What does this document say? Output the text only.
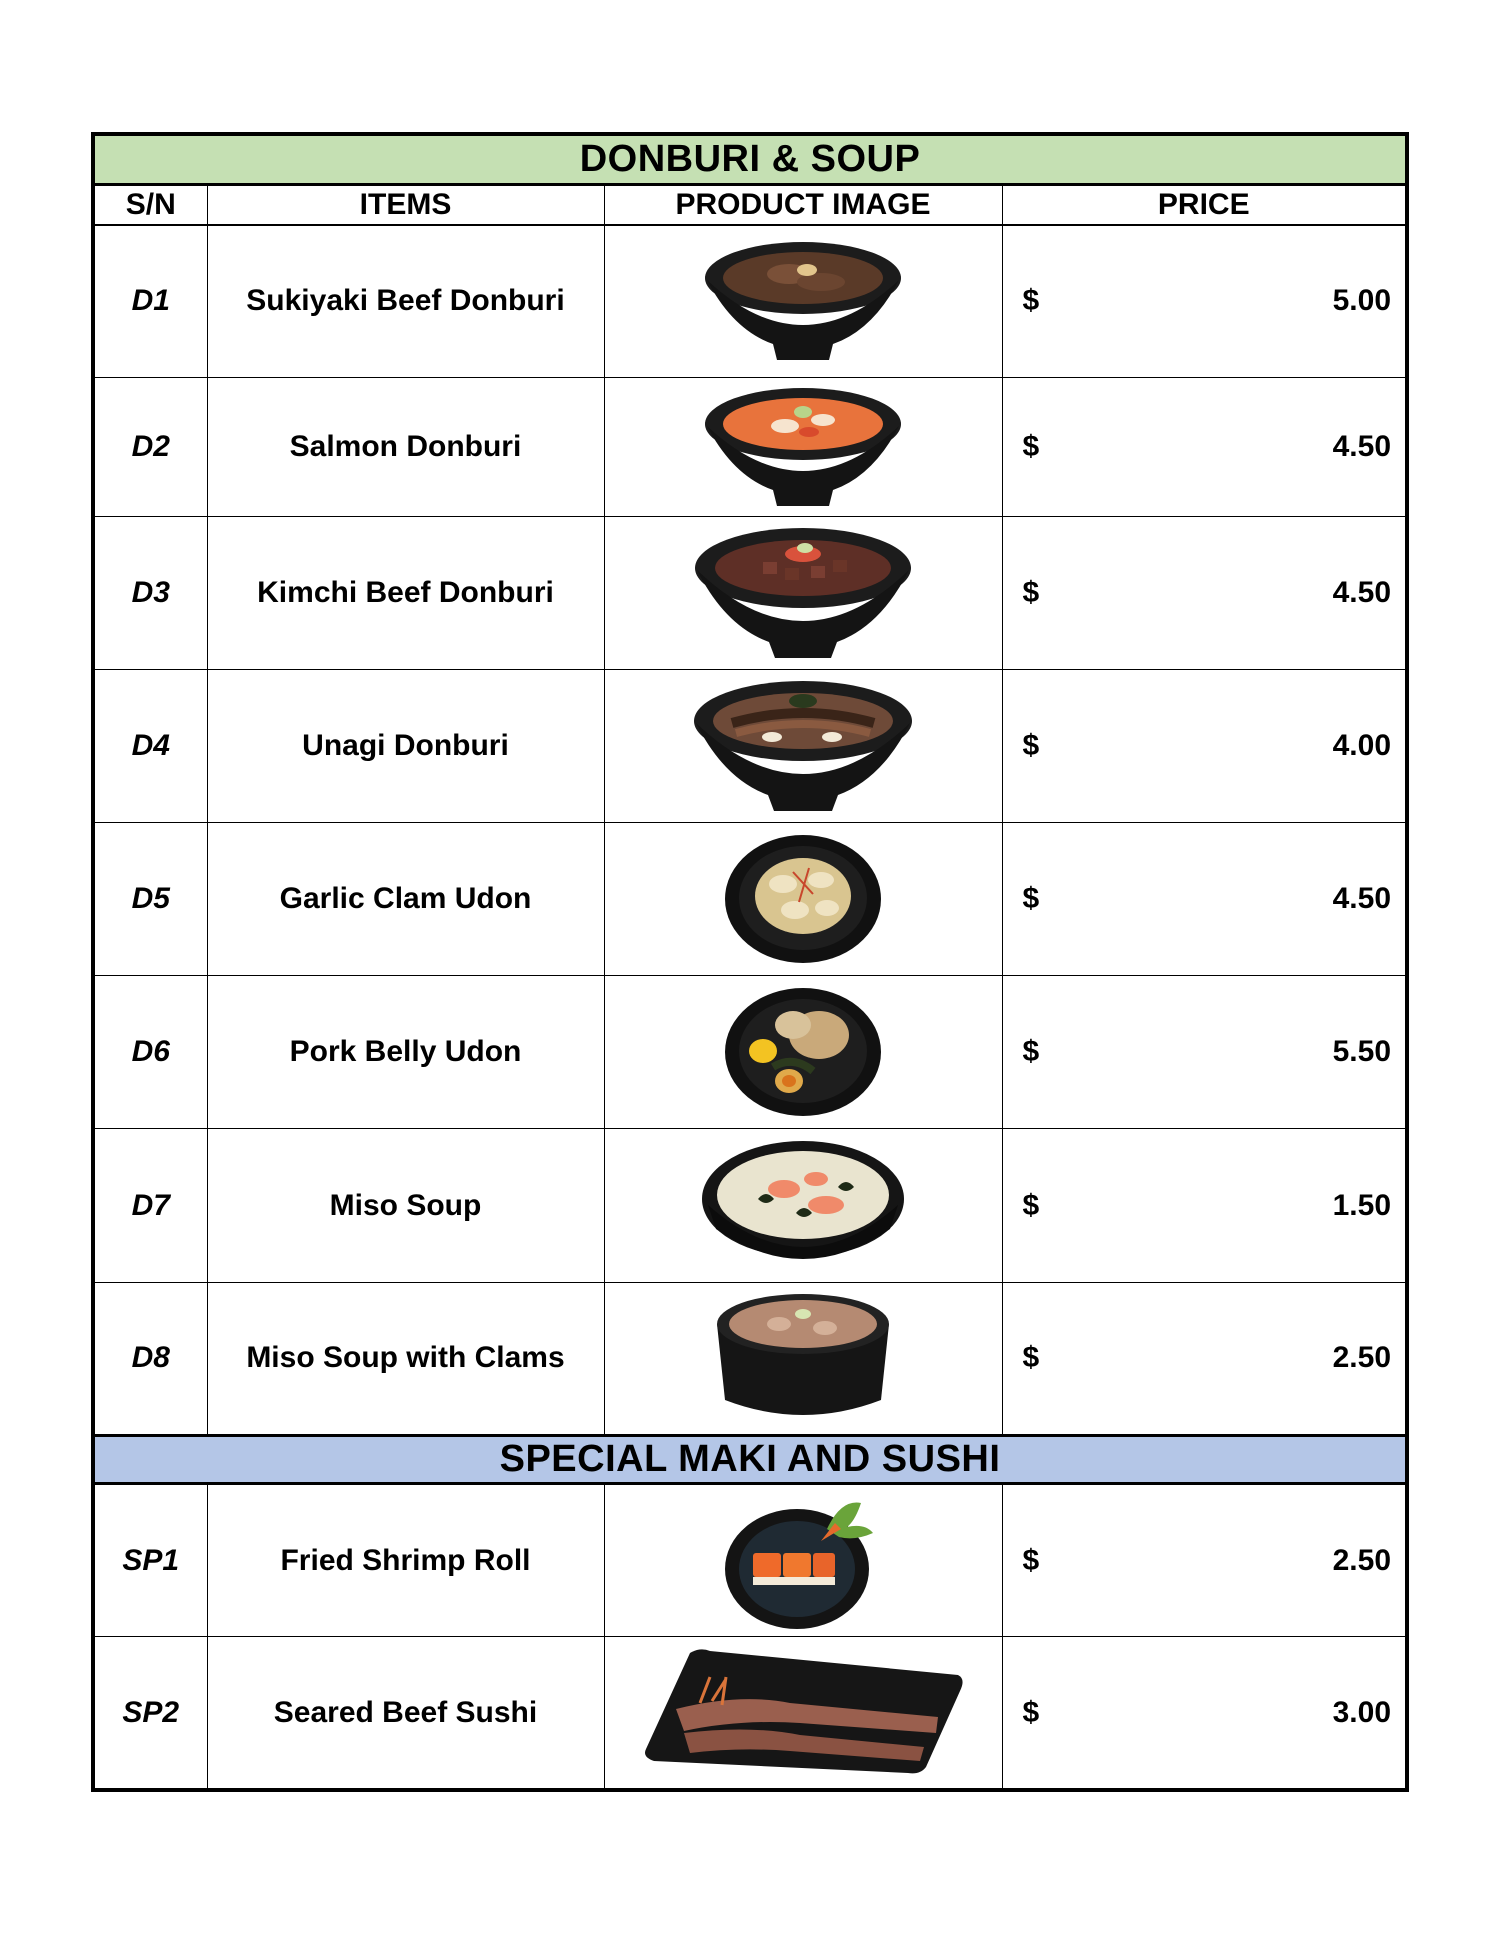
DONBURI & SOUP			
S/N	ITEMS	PRODUCT IMAGE	PRICE
D1	Sukiyaki Beef Donburi		$ 5.00

D2	Salmon Donburi		$ 4.50

D3	Kimchi Beef Donburi		$ 4.50

D4	Unagi Donburi		$ 4.00

D5	Garlic Clam Udon		$ 4.50

D6	Pork Belly Udon		$ 5.50

D7	Miso Soup		$ 1.50

D8	Miso Soup with Clams		$ 2.50

SPECIAL MAKI AND SUSHI			
SP1	Fried Shrimp Roll		$ 2.50

SP2	Seared Beef Sushi		$ 3.00
